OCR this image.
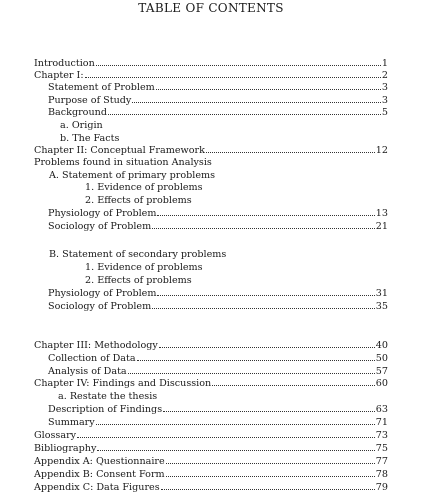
TABLE OF CONTENTS
Introduction	1
Chapter I:	2
Statement of Problem	3
Purpose of Study	3
Background	5
a. Origin
b. The Facts
Chapter II: Conceptual Framework	12
Problems found in situation Analysis
A. Statement of primary problems
1. Evidence of problems
2. Effects of problems
Physiology of Problem	13
Sociology of Problem	21
B. Statement of secondary problems
1. Evidence of problems
2. Effects of problems
Physiology of Problem	31
Sociology of Problem	35
Chapter III: Methodology	40
Collection of Data	50
Analysis of Data	57
Chapter IV: Findings and Discussion	60
a. Restate the thesis
Description of Findings	63
Summary	71
Glossary	73
Bibliography	75
Appendix A: Questionnaire	77
Appendix B: Consent Form	78
Appendix C: Data Figures	79
